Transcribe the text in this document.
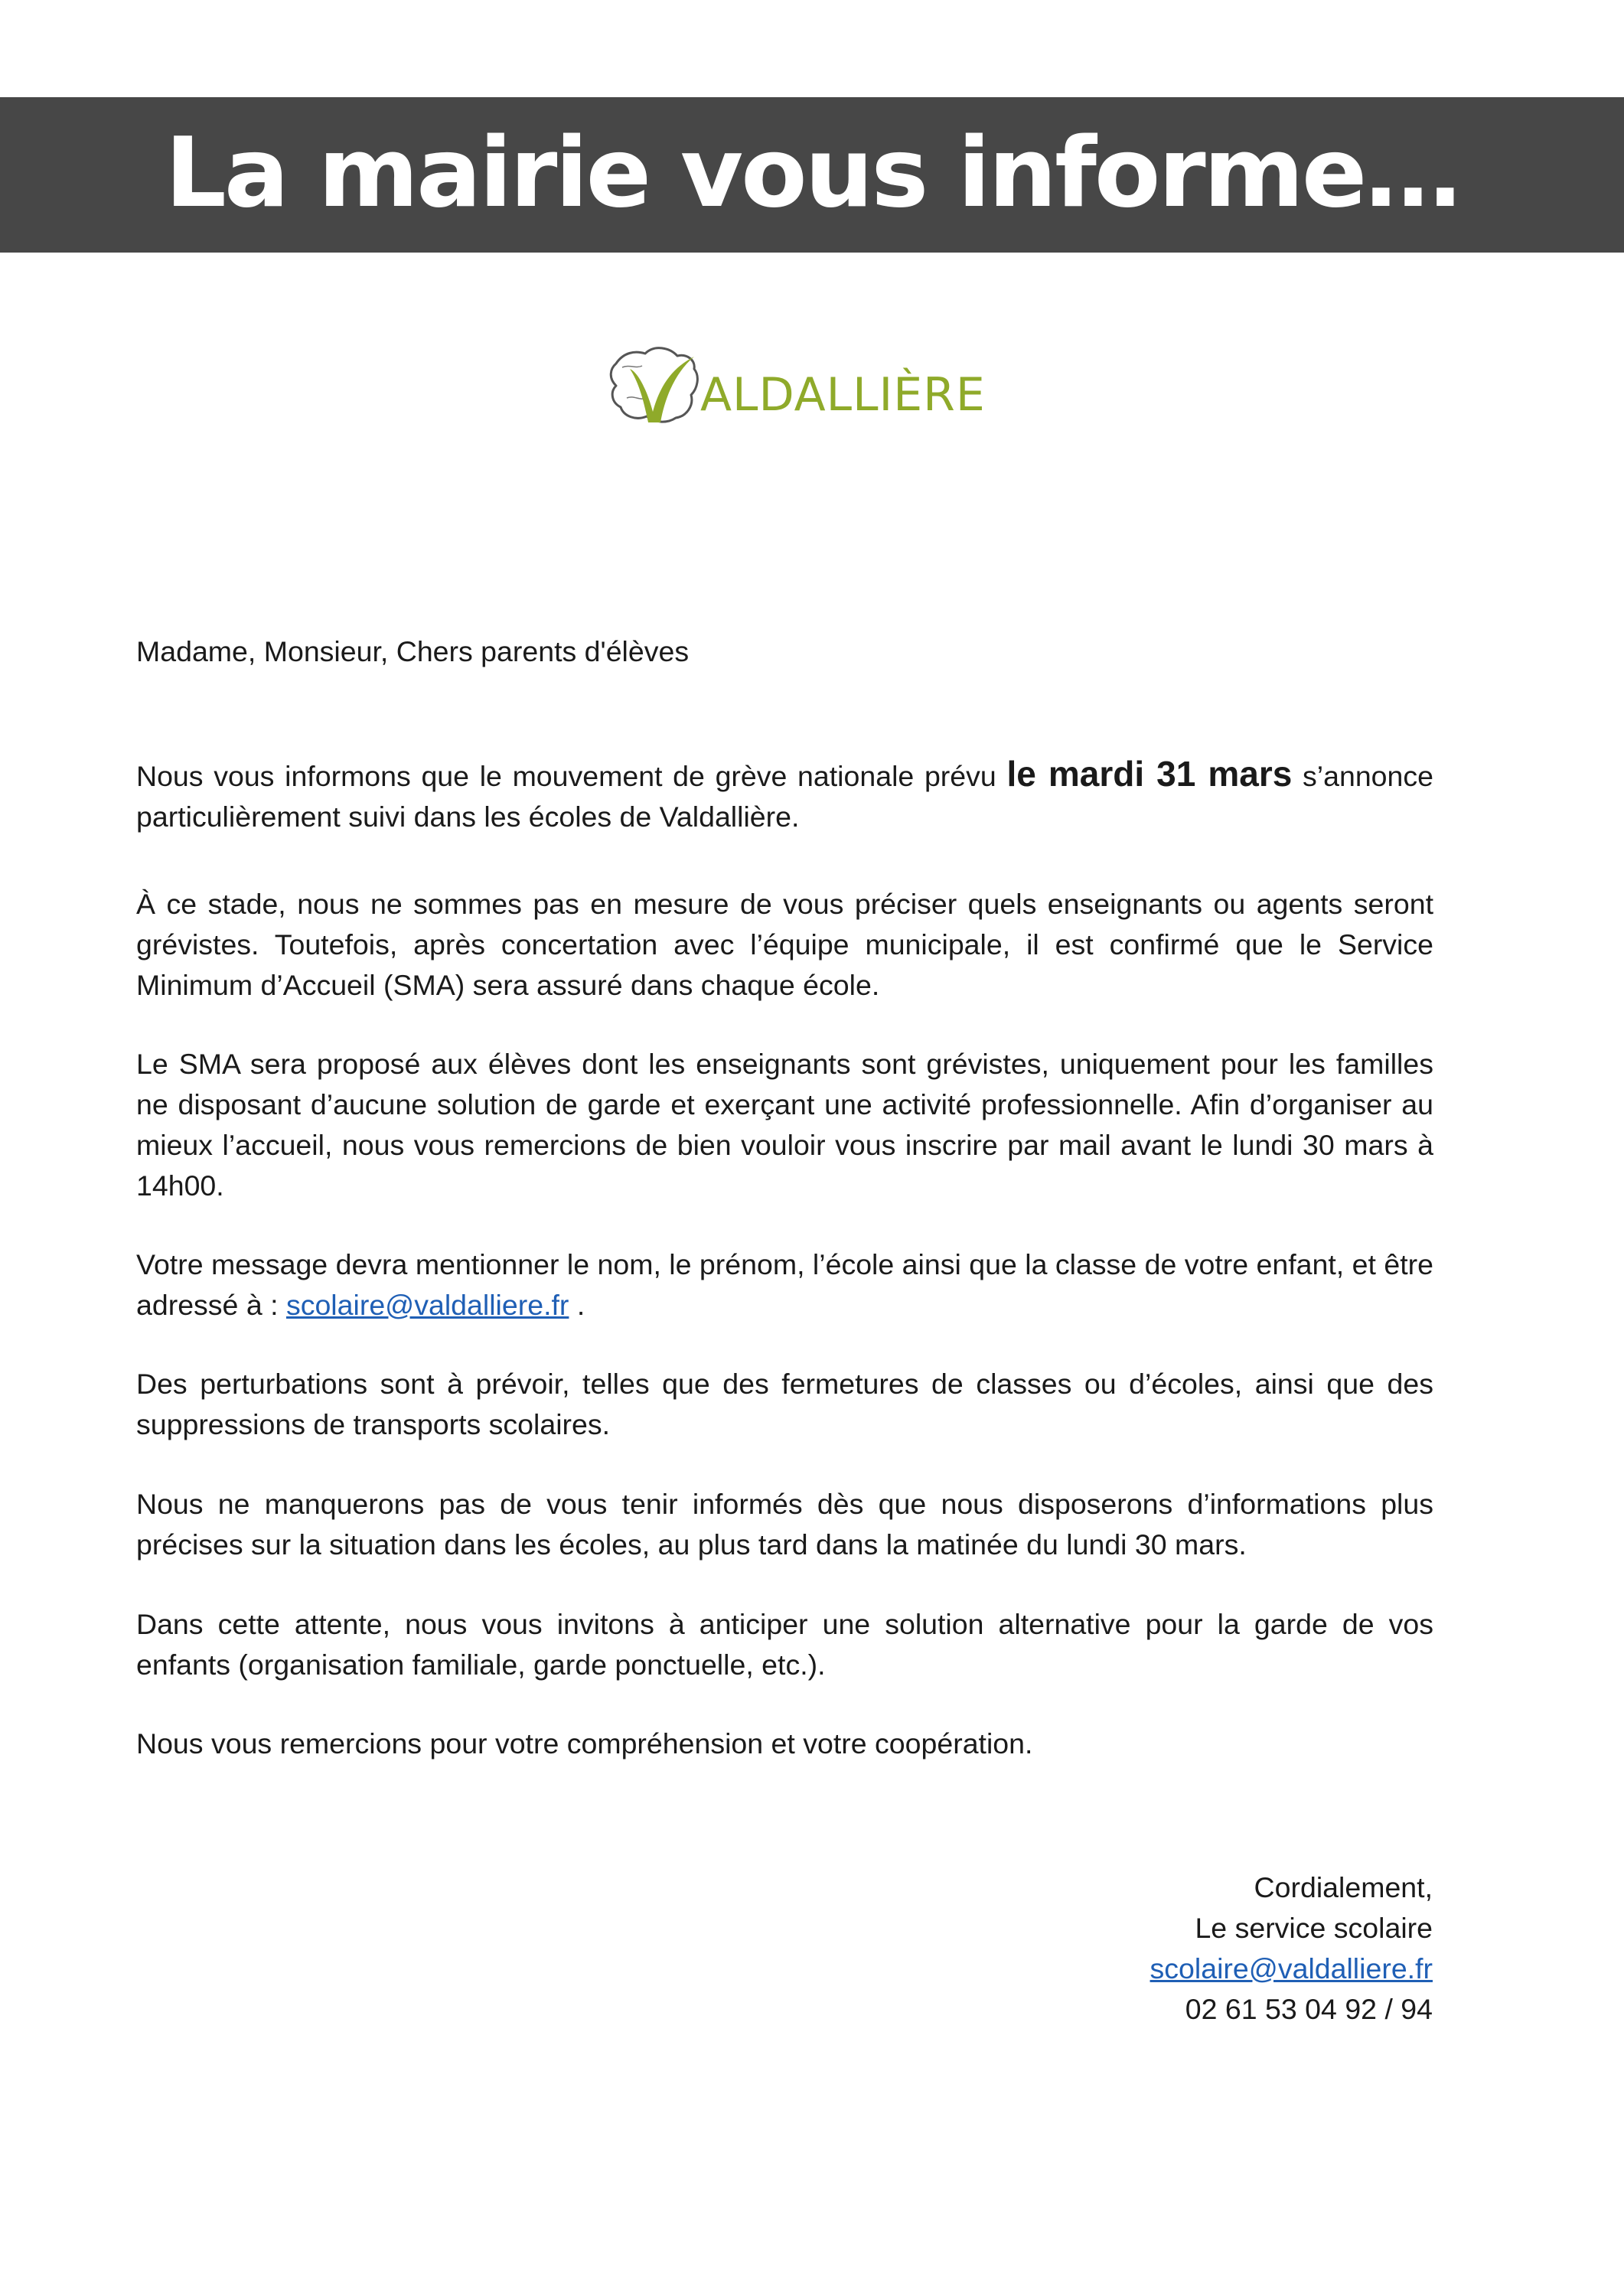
La mairie vous informe…
ALDALLIÈRE

Madame, Monsieur, Chers parents d'élèves

Nous vous informons que le mouvement de grève nationale prévu le mardi 31 mars s’annonce particulièrement suivi dans les écoles de Valdallière.

À ce stade, nous ne sommes pas en mesure de vous préciser quels enseignants ou agents seront grévistes. Toutefois, après concertation avec l’équipe municipale, il est confirmé que le Service Minimum d’Accueil (SMA) sera assuré dans chaque école.

Le SMA sera proposé aux élèves dont les enseignants sont grévistes, uniquement pour les familles ne disposant d’aucune solution de garde et exerçant une activité professionnelle. Afin d’organiser au mieux l’accueil, nous vous remercions de bien vouloir vous inscrire par mail avant le lundi 30 mars à 14h00.

Votre message devra mentionner le nom, le prénom, l’école ainsi que la classe de votre enfant, et être adressé à : scolaire@valdalliere.fr .

Des perturbations sont à prévoir, telles que des fermetures de classes ou d’écoles, ainsi que des suppressions de transports scolaires.

Nous ne manquerons pas de vous tenir informés dès que nous disposerons d’informations plus précises sur la situation dans les écoles, au plus tard dans la matinée du lundi 30 mars.

Dans cette attente, nous vous invitons à anticiper une solution alternative pour la garde de vos enfants (organisation familiale, garde ponctuelle, etc.).

Nous vous remercions pour votre compréhension et votre coopération.

Cordialement,
Le service scolaire
scolaire@valdalliere.fr
02 61 53 04 92 / 94
